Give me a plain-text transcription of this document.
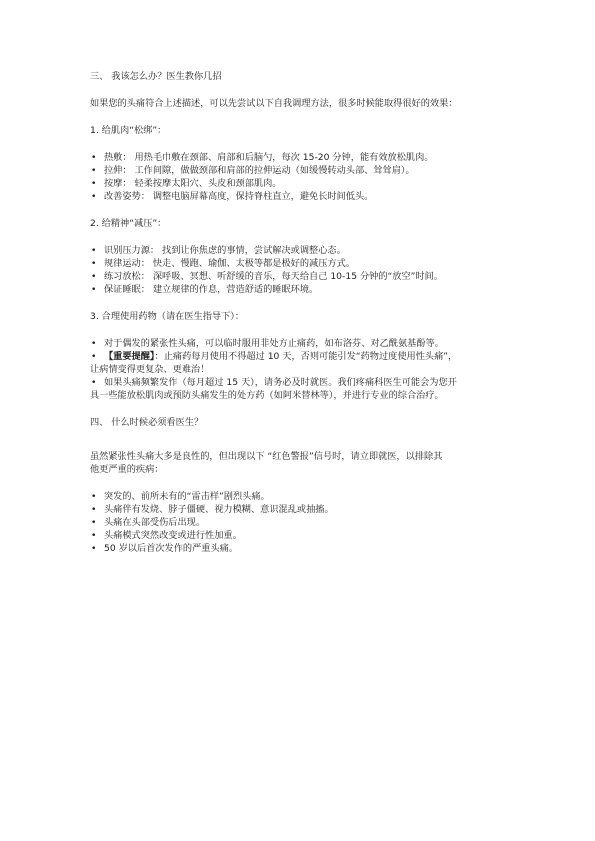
三、 我该怎么办？医生教你几招

如果您的头痛符合上述描述，可以先尝试以下自我调理方法，很多时候能取得很好的效果：

1. 给肌肉“松绑”：

• 热敷： 用热毛巾敷在颈部、肩部和后脑勺，每次 15-20 分钟，能有效放松肌肉。
• 拉伸： 工作间隙，做做颈部和肩部的拉伸运动（如缓慢转动头部、耸耸肩）。
• 按摩： 轻柔按摩太阳穴、头皮和颈部肌肉。
• 改善姿势： 调整电脑屏幕高度，保持脊柱直立，避免长时间低头。

2. 给精神“减压”：

• 识别压力源： 找到让你焦虑的事情，尝试解决或调整心态。
• 规律运动： 快走、慢跑、瑜伽、太极等都是极好的减压方式。
• 练习放松： 深呼吸、冥想、听舒缓的音乐，每天给自己 10-15 分钟的“放空”时间。
• 保证睡眠： 建立规律的作息，营造舒适的睡眠环境。

3. 合理使用药物（请在医生指导下）：

• 对于偶发的紧张性头痛，可以临时服用非处方止痛药，如布洛芬、对乙酰氨基酚等。
• 【重要提醒】：止痛药每月使用不得超过 10 天，否则可能引发“药物过度使用性头痛”，

让病情变得更复杂、更难治！

• 如果头痛频繁发作（每月超过 15 天），请务必及时就医。我们疼痛科医生可能会为您开

具一些能放松肌肉或预防头痛发生的处方药（如阿米替林等），并进行专业的综合治疗。

四、 什么时候必须看医生？

虽然紧张性头痛大多是良性的，但出现以下 “红色警报”信号时，请立即就医，以排除其

他更严重的疾病：

• 突发的、前所未有的“雷击样”剧烈头痛。
• 头痛伴有发烧、脖子僵硬、视力模糊、意识混乱或抽搐。
• 头痛在头部受伤后出现。
• 头痛模式突然改变或进行性加重。
• 50 岁以后首次发作的严重头痛。
